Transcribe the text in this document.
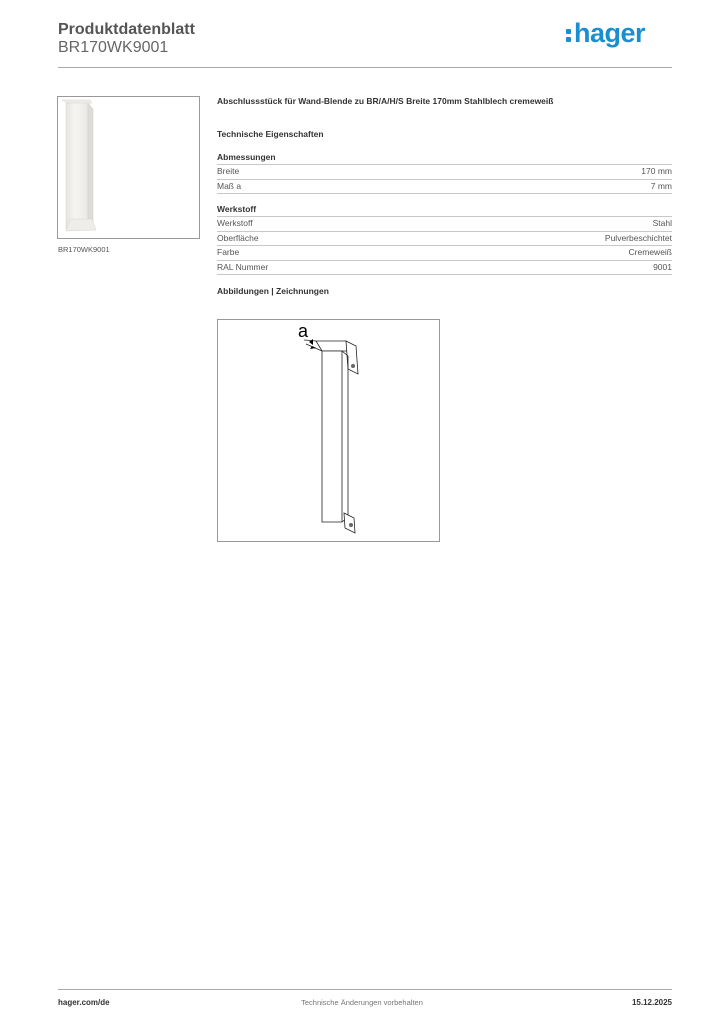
Produktdatenblatt
BR170WK9001	hager
BR170WK9001

Abschlussstück für Wand-Blende zu BR/A/H/S Breite 170mm Stahlblech cremeweiß

Technische Eigenschaften
Abmessungen
Breite	170 mm
Maß a	7 mm
Werkstoff
Werkstoff	Stahl
Oberfläche	Pulverbeschichtet
Farbe	Cremeweiß
RAL Nummer	9001
Abbildungen | Zeichnungen
a
hager.com/de	Technische Änderungen vorbehalten	15.12.2025
